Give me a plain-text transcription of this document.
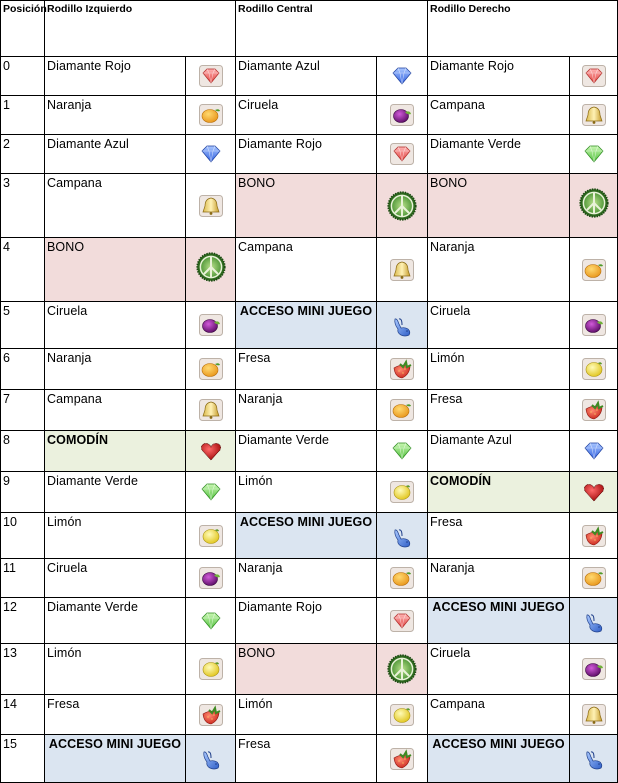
Posición	Rodillo Izquierdo		Rodillo Central		Rodillo Derecho	
0	Diamante Rojo		Diamante Azul		Diamante Rojo	

1	Naranja		Ciruela		Campana	

2	Diamante Azul		Diamante Rojo		Diamante Verde	

3	Campana		BONO		BONO	

4	BONO		Campana		Naranja	

5	Ciruela		ACCESO MINI JUEGO		Ciruela	

6	Naranja		Fresa		Limón	

7	Campana		Naranja		Fresa	

8	COMODÍN		Diamante Verde		Diamante Azul	

9	Diamante Verde		Limón		COMODÍN	

10	Limón		ACCESO MINI JUEGO		Fresa	

11	Ciruela		Naranja		Naranja	

12	Diamante Verde		Diamante Rojo		ACCESO MINI JUEGO	

13	Limón		BONO		Ciruela	

14	Fresa		Limón		Campana	

15	ACCESO MINI JUEGO		Fresa		ACCESO MINI JUEGO	
